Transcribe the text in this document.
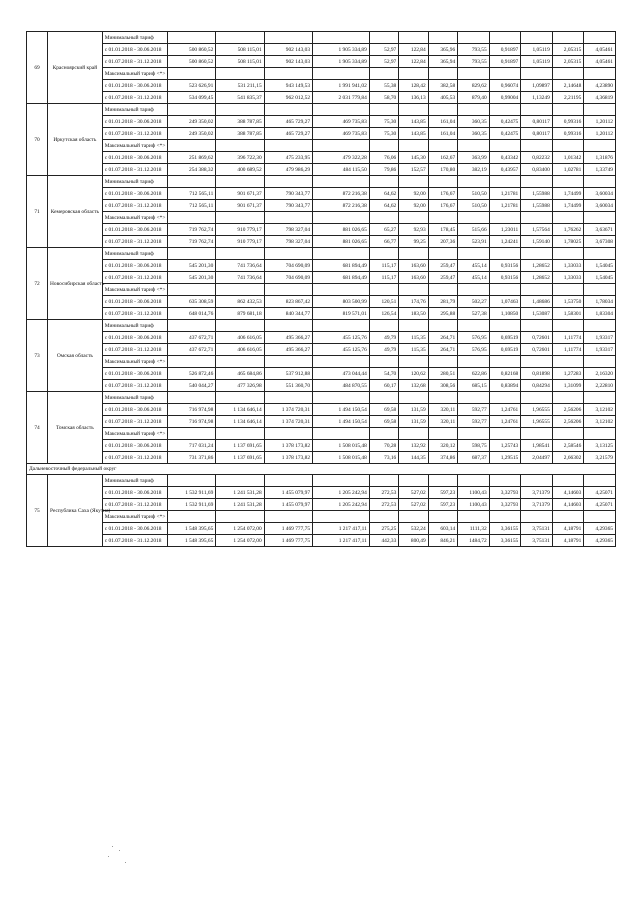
69	Красноярский край	Минимальный тариф												
		с 01.01.2018 - 30.06.2018	500 860,52	508 115,01	902 143,03	1 905 334,89	52,97	122,84	365,96	793,55	0,91897	1,05119	2,05315	4,05461
		с 01.07.2018 - 31.12.2018	500 860,52	508 115,01	902 143,03	1 905 334,89	52,97	122,84	365,94	793,55	0,91897	1,05119	2,05315	4,05461
		Максимальный тариф <*>												
		с 01.01.2018 - 30.06.2018	523 626,91	531 211,15	943 149,53	1 991 941,02	55,38	128,42	382,58	829,62	0,96074	1,09897	2,14648	4,23890
		с 01.07.2018 - 31.12.2018	534 099,45	541 835,37	962 012,52	2 031 779,84	58,70	136,13	405,53	879,40	0,99004	1,13249	2,21195	4,36819
70	Иркутская область	Минимальный тариф												
		с 01.01.2018 - 30.06.2018	249 350,02	388 787,85	465 729,27	469 735,83	75,30	143,85	161,04	360,35	0,42475	0,80117	0,99316	1,20112
		с 01.07.2018 - 31.12.2018	249 350,02	388 787,85	465 729,27	469 735,83	75,30	143,85	161,04	360,35	0,42475	0,80117	0,99316	1,20112
		Максимальный тариф <*>												
		с 01.01.2018 - 30.06.2018	251 869,62	396 722,30	475 233,95	479 322,28	76,06	145,30	162,67	363,99	0,43342	0,82232	1,01342	1,31876
		с 01.07.2018 - 31.12.2018	254 388,32	400 689,52	479 986,29	484 115,50	79,86	152,57	170,80	382,19	0,43957	0,83400	1,02781	1,33749
71	Кемеровская область	Минимальный тариф												
		с 01.01.2018 - 30.06.2018	712 565,11	901 671,37	790 343,77	872 216,38	64,62	92,00	176,67	510,50	1,21781	1,55988	1,74499	3,60034
		с 01.07.2018 - 31.12.2018	712 565,11	901 671,37	790 343,77	872 216,38	64,62	92,00	176,67	510,50	1,21781	1,55988	1,74499	3,60034
		Максимальный тариф <*>												
		с 01.01.2018 - 30.06.2018	719 762,74	910 779,17	798 327,04	881 026,65	65,27	92,93	178,45	515,66	1,23011	1,57564	1,76262	3,63671
		с 01.07.2018 - 31.12.2018	719 762,74	910 779,17	798 327,04	881 026,65	66,77	99,25	207,36	523,91	1,24241	1,59140	1,78025	3,67308
72	Новосибирская область	Минимальный тариф												
		с 01.01.2018 - 30.06.2018	545 201,30	741 736,64	704 690,09	681 894,49	115,17	163,60	259,47	455,14	0,93156	1,28652	1,33033	1,54045
		с 01.07.2018 - 31.12.2018	545 201,30	741 736,64	704 690,09	681 894,49	115,17	163,60	259,47	455,14	0,93156	1,28652	1,33033	1,54045
		Максимальный тариф <*>												
		с 01.01.2018 - 30.06.2018	635 308,59	862 432,53	823 867,42	803 500,99	120,51	174,76	281,79	502,27	1,07463	1,48686	1,53750	1,78034
		с 01.07.2018 - 31.12.2018	648 014,76	879 681,18	840 344,77	819 571,01	126,54	183,50	295,88	527,38	1,10850	1,53087	1,58301	1,83304
73	Омская область	Минимальный тариф												
		с 01.01.2018 - 30.06.2018	437 672,71	406 616,05	495 366,27	455 125,76	49,79	115,35	264,71	576,95	0,69519	0,72601	1,11774	1,93317
		с 01.07.2018 - 31.12.2018	437 672,71	406 616,05	495 366,27	455 125,76	49,79	115,35	264,71	576,95	0,69519	0,72601	1,11774	1,93317
		Максимальный тариф <*>												
		с 01.01.2018 - 30.06.2018	526 872,46	465 684,86	537 912,88	473 044,44	54,70	120,62	280,51	622,86	0,82168	0,81898	1,27283	2,16320
		с 01.07.2018 - 31.12.2018	540 044,27	477 326,98	551 360,70	484 870,55	60,17	132,68	308,56	685,15	0,83894	0,84294	1,31099	2,22810
74	Томская область	Минимальный тариф												
		с 01.01.2018 - 30.06.2018	716 974,98	1 134 646,14	1 374 720,31	1 494 150,54	69,58	131,59	320,11	592,77	1,24761	1,96555	2,56206	3,12102
		с 01.07.2018 - 31.12.2018	716 974,98	1 134 646,14	1 374 720,31	1 494 150,54	69,58	131,59	320,11	592,77	1,24761	1,96555	2,56206	3,12102
		Максимальный тариф <*>												
		с 01.01.2018 - 30.06.2018	717 031,24	1 137 691,65	1 378 173,82	1 508 015,48	70,28	132,92	320,12	598,75	1,25743	1,98541	2,58546	3,13125
		с 01.07.2018 - 31.12.2018	731 371,86	1 137 691,65	1 378 173,82	1 508 015,48	73,16	144,35	374,86	687,37	1,29515	2,04497	2,66302	3,21579
Дальневосточный федеральный округ														
75	Республика Саха (Якутия)	Минимальный тариф												
		с 01.01.2018 - 30.06.2018	1 532 911,69	1 241 531,28	1 455 079,97	1 205 242,94	272,53	527,02	597,23	1100,43	3,32793	3,71379	4,14603	4,25071
		с 01.07.2018 - 31.12.2018	1 532 911,69	1 241 531,28	1 455 079,97	1 205 242,94	272,53	527,02	597,23	1100,43	3,32793	3,71379	4,14603	4,25071
		Максимальный тариф <*>												
		с 01.01.2018 - 30.06.2018	1 548 395,65	1 254 072,00	1 469 777,75	1 217 417,11	275,25	532,24	603,14	1111,32	3,36155	3,75131	4,18791	4,29365
		с 01.07.2018 - 31.12.2018	1 548 395,65	1 254 072,00	1 469 777,75	1 217 417,11	442,33	800,49	846,21	1484,72	3,36155	3,75131	4,18791	4,29365
